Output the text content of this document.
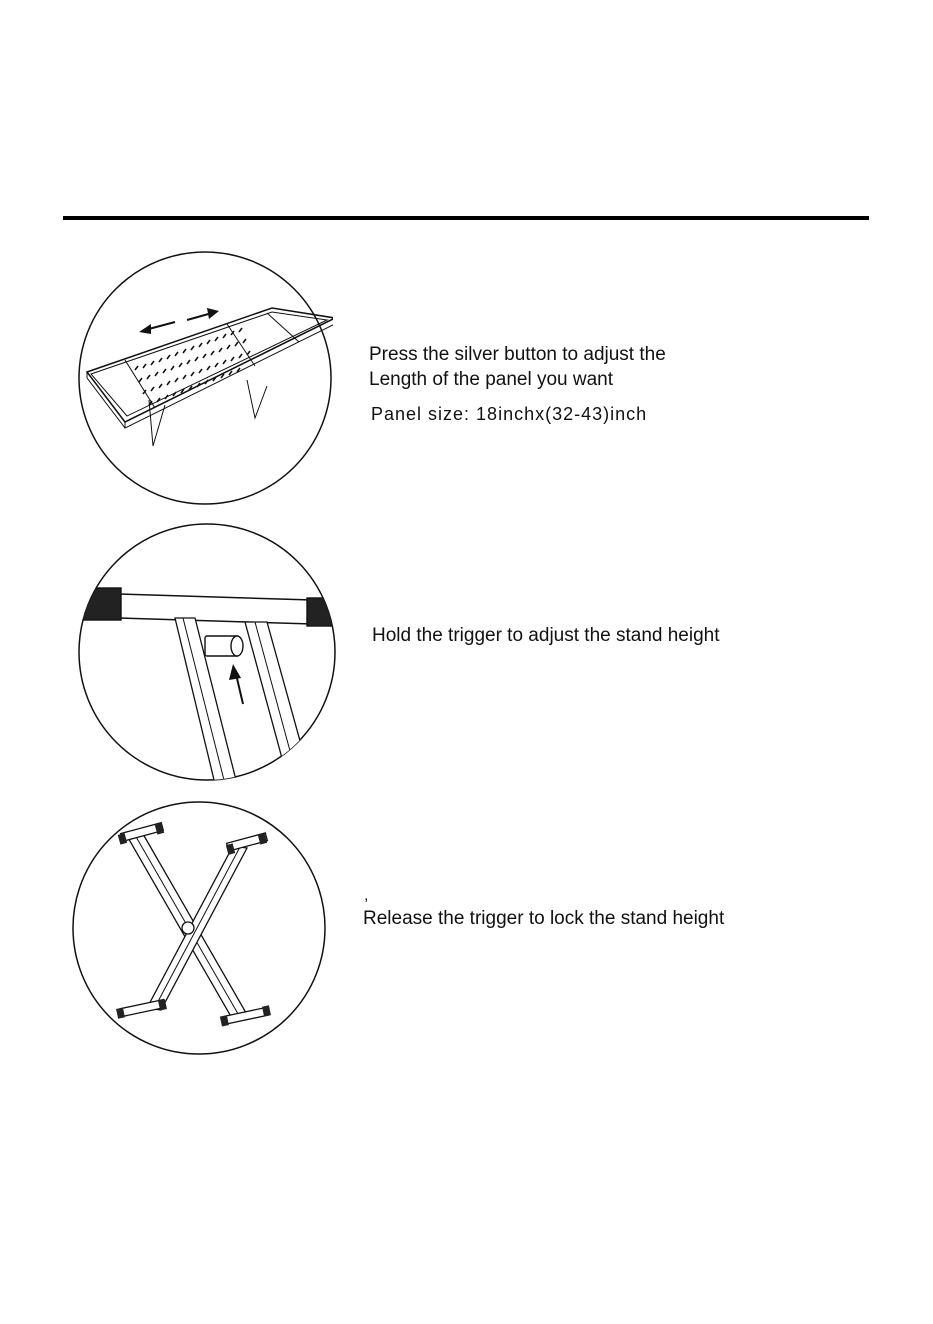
Press the silver button to adjust the
Length of the panel you want
Panel size: 18inchx(32-43)inch
Hold the trigger to adjust the stand height
,
Release the trigger to lock the stand height
